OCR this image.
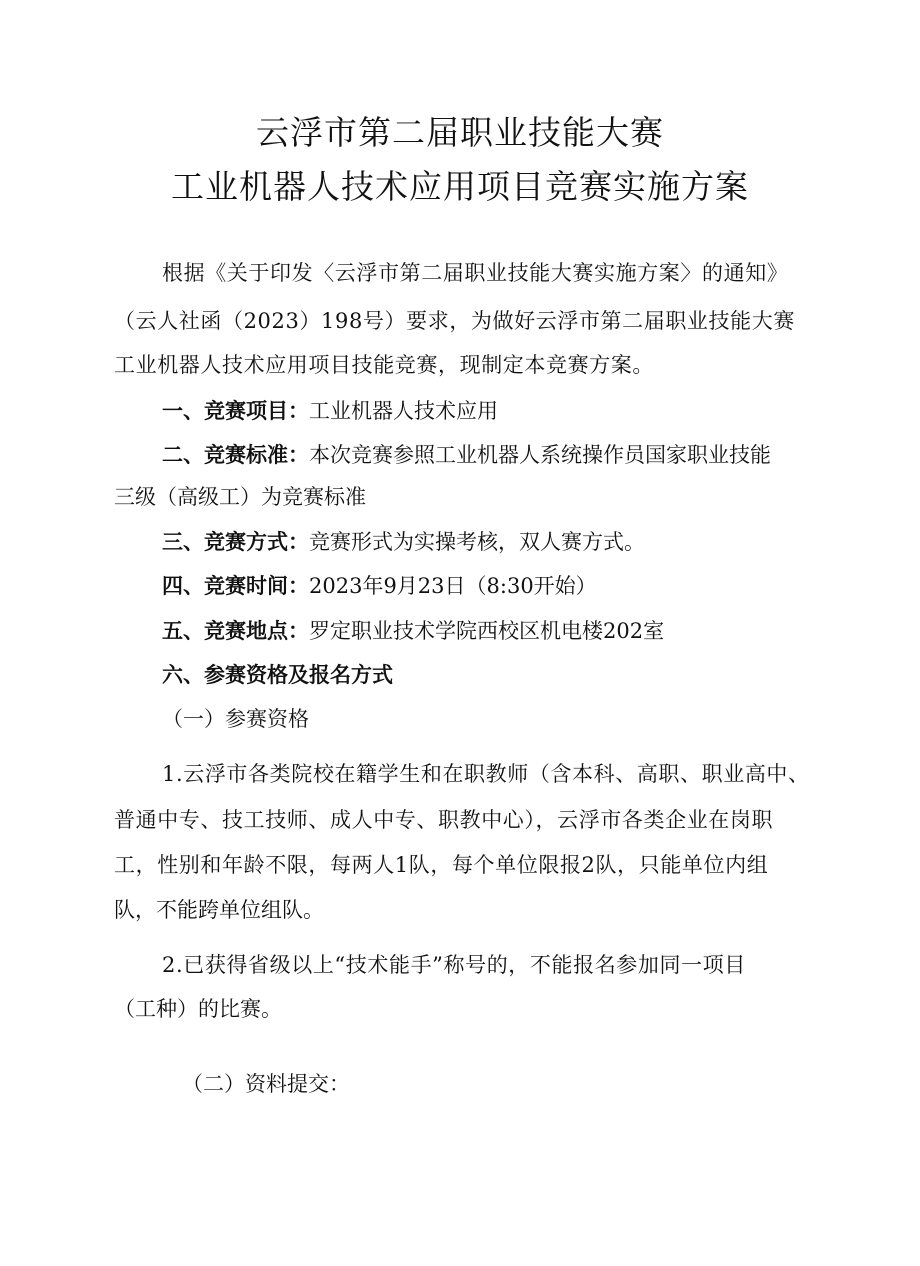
云浮市第二届职业技能大赛
工业机器人技术应用项目竞赛实施方案
根据《关于印发〈云浮市第二届职业技能大赛实施方案〉的通知》
（云人社函（2023）198号）要求，为做好云浮市第二届职业技能大赛
工业机器人技术应用项目技能竞赛，现制定本竞赛方案。
一、竞赛项目： 工业机器人技术应用
二、竞赛标准： 本次竞赛参照工业机器人系统操作员国家职业技能
三级（高级工）为竞赛标准
三、竞赛方式： 竞赛形式为实操考核，双人赛方式。
四、竞赛时间： 2023年9月23日（8:30开始）
五、竞赛地点： 罗定职业技术学院西校区机电楼202室
六、参赛资格及报名方式
（一）参赛资格
1.云浮市各类院校在籍学生和在职教师（含本科、高职、职业高中、
普通中专、技工技师、成人中专、职教中心），云浮市各类企业在岗职
工，性别和年龄不限，每两人1队，每个单位限报2队，只能单位内组
队，不能跨单位组队。
2.已获得省级以上“技术能手”称号的，不能报名参加同一项目
（工种）的比赛。
（二）资料提交：
